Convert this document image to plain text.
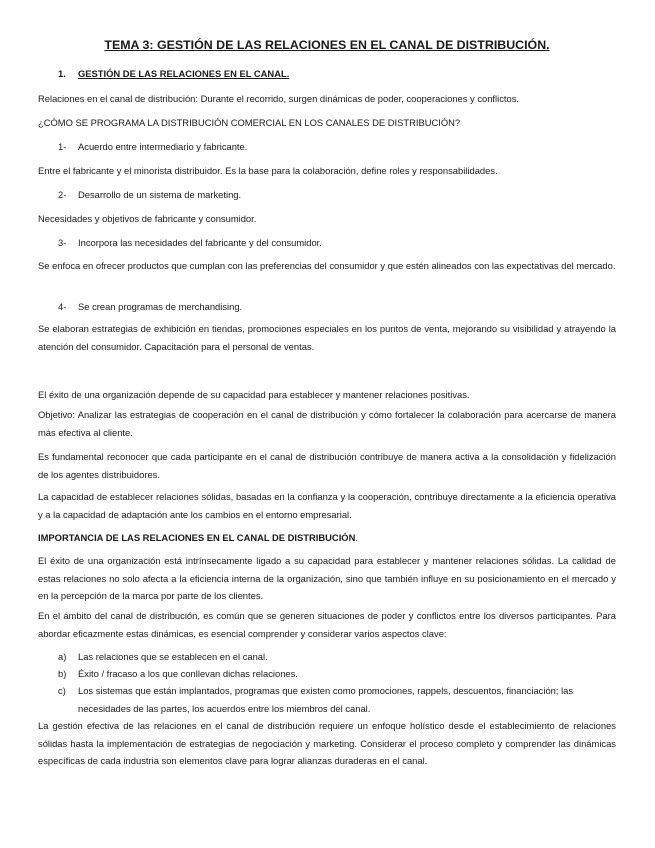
TEMA 3: GESTIÓN DE LAS RELACIONES EN EL CANAL DE DISTRIBUCIÓN.
1. GESTIÓN DE LAS RELACIONES EN EL CANAL.
Relaciones en el canal de distribución: Durante el recorrido, surgen dinámicas de poder, cooperaciones y conflictos.
¿CÓMO SE PROGRAMA LA DISTRIBUCIÓN COMERCIAL EN LOS CANALES DE DISTRIBUCIÓN?
1- Acuerdo entre intermediario y fabricante.
Entre el fabricante y el minorista distribuidor. Es la base para la colaboración, define roles y responsabilidades.
2- Desarrollo de un sistema de marketing.
Necesidades y objetivos de fabricante y consumidor.
3- Incorpora las necesidades del fabricante y del consumidor.
Se enfoca en ofrecer productos que cumplan con las preferencias del consumidor y que estén alineados con las expectativas del mercado.
4- Se crean programas de merchandising.
Se elaboran estrategias de exhibición en tiendas, promociones especiales en los puntos de venta, mejorando su visibilidad y atrayendo la atención del consumidor. Capacitación para el personal de ventas.
El éxito de una organización depende de su capacidad para establecer y mantener relaciones positivas.
Objetivo: Analizar las estrategias de cooperación en el canal de distribución y cómo fortalecer la colaboración para acercarse de manera más efectiva al cliente.
Es fundamental reconocer que cada participante en el canal de distribución contribuye de manera activa a la consolidación y fidelización de los agentes distribuidores.
La capacidad de establecer relaciones sólidas, basadas en la confianza y la cooperación, contribuye directamente a la eficiencia operativa y a la capacidad de adaptación ante los cambios en el entorno empresarial.
IMPORTANCIA DE LAS RELACIONES EN EL CANAL DE DISTRIBUCIÓN.
El éxito de una organización está intrínsecamente ligado a su capacidad para establecer y mantener relaciones sólidas. La calidad de estas relaciones no solo afecta a la eficiencia interna de la organización, sino que también influye en su posicionamiento en el mercado y en la percepción de la marca por parte de los clientes.
En el ámbito del canal de distribución, es común que se generen situaciones de poder y conflictos entre los diversos participantes. Para abordar eficazmente estas dinámicas, es esencial comprender y considerar varios aspectos clave:
a) Las relaciones que se establecen en el canal.
b) Éxito / fracaso a los que conllevan dichas relaciones.
c) Los sistemas que están implantados, programas que existen como promociones, rappels, descuentos, financiación; las necesidades de las partes, los acuerdos entre los miembros del canal.
La gestión efectiva de las relaciones en el canal de distribución requiere un enfoque holístico desde el establecimiento de relaciones sólidas hasta la implementación de estrategias de negociación y marketing. Considerar el proceso completo y comprender las dinámicas específicas de cada industria son elementos clave para lograr alianzas duraderas en el canal.
